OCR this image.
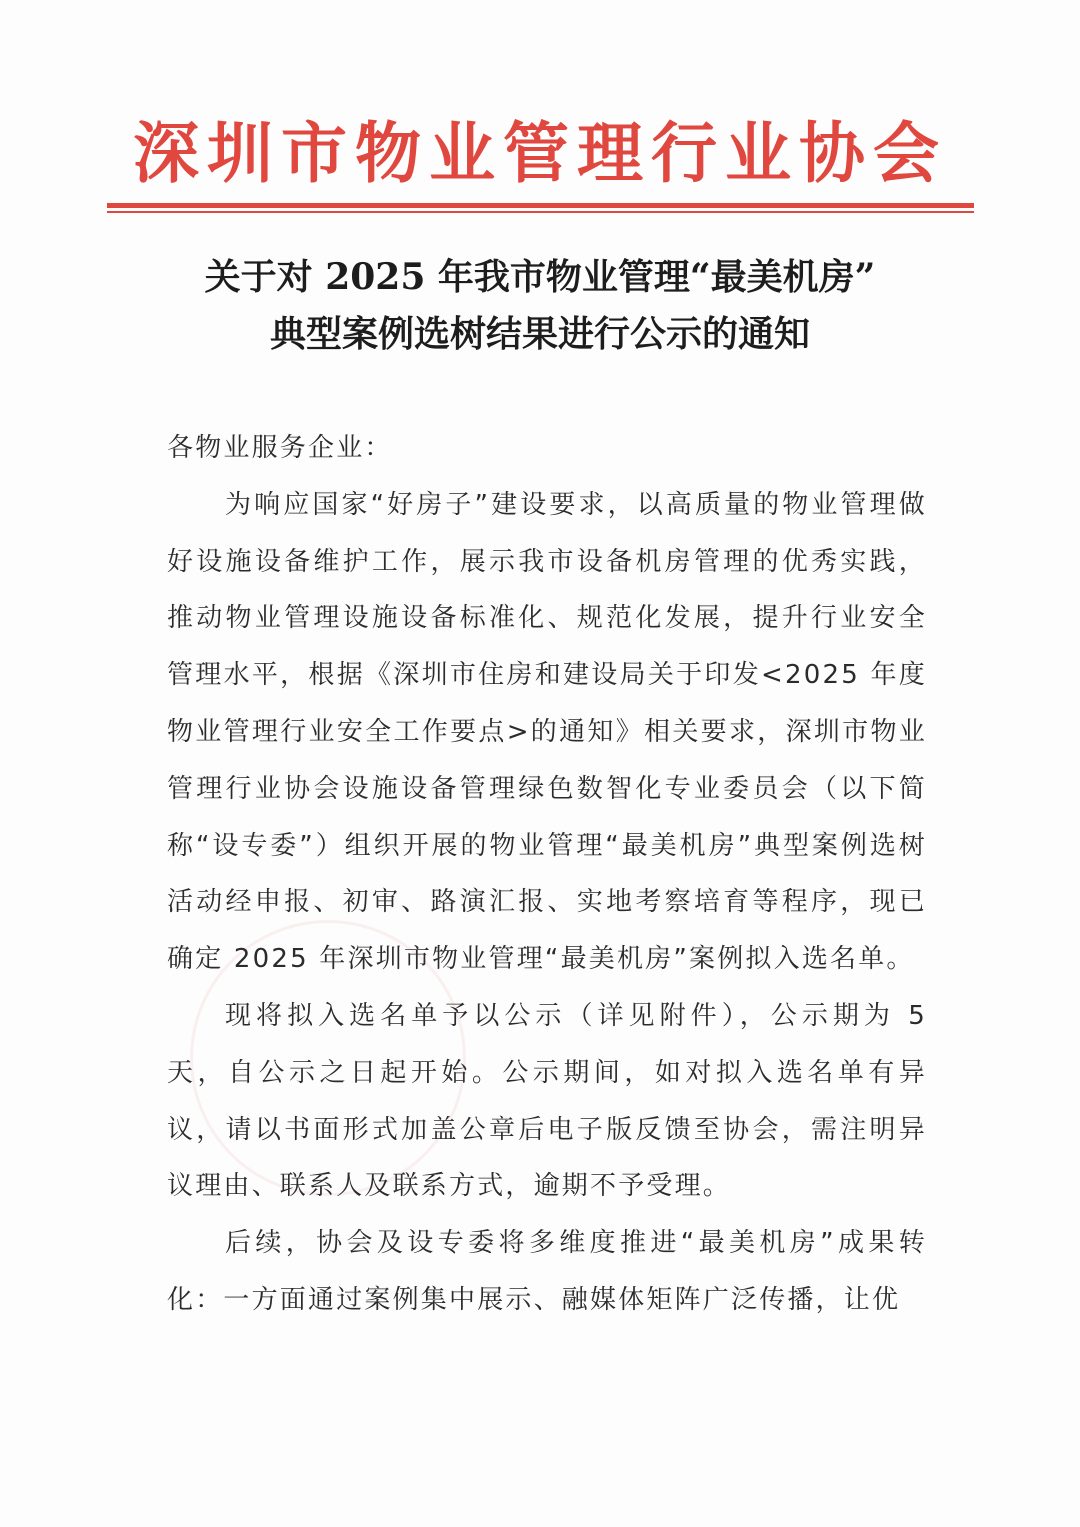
深圳市物业管理行业协会
关于对 2025 年我市物业管理“最美机房”
典型案例选树结果进行公示的通知

各物业服务企业：

为响应国家“好房子”建设要求，以高质量的物业管理做好设施设备维护工作，展示我市设备机房管理的优秀实践，推动物业管理设施设备标准化、规范化发展，提升行业安全管理水平，根据《深圳市住房和建设局关于印发<2025 年度物业管理行业安全工作要点>的通知》相关要求，深圳市物业管理行业协会设施设备管理绿色数智化专业委员会（以下简称“设专委”）组织开展的物业管理“最美机房”典型案例选树活动经申报、初审、路演汇报、实地考察培育等程序，现已确定 2025 年深圳市物业管理“最美机房”案例拟入选名单。

现将拟入选名单予以公示（详见附件），公示期为 5 天，自公示之日起开始。公示期间，如对拟入选名单有异议，请以书面形式加盖公章后电子版反馈至协会，需注明异议理由、联系人及联系方式，逾期不予受理。

后续，协会及设专委将多维度推进“最美机房”成果转化：一方面通过案例集中展示、融媒体矩阵广泛传播，让优
